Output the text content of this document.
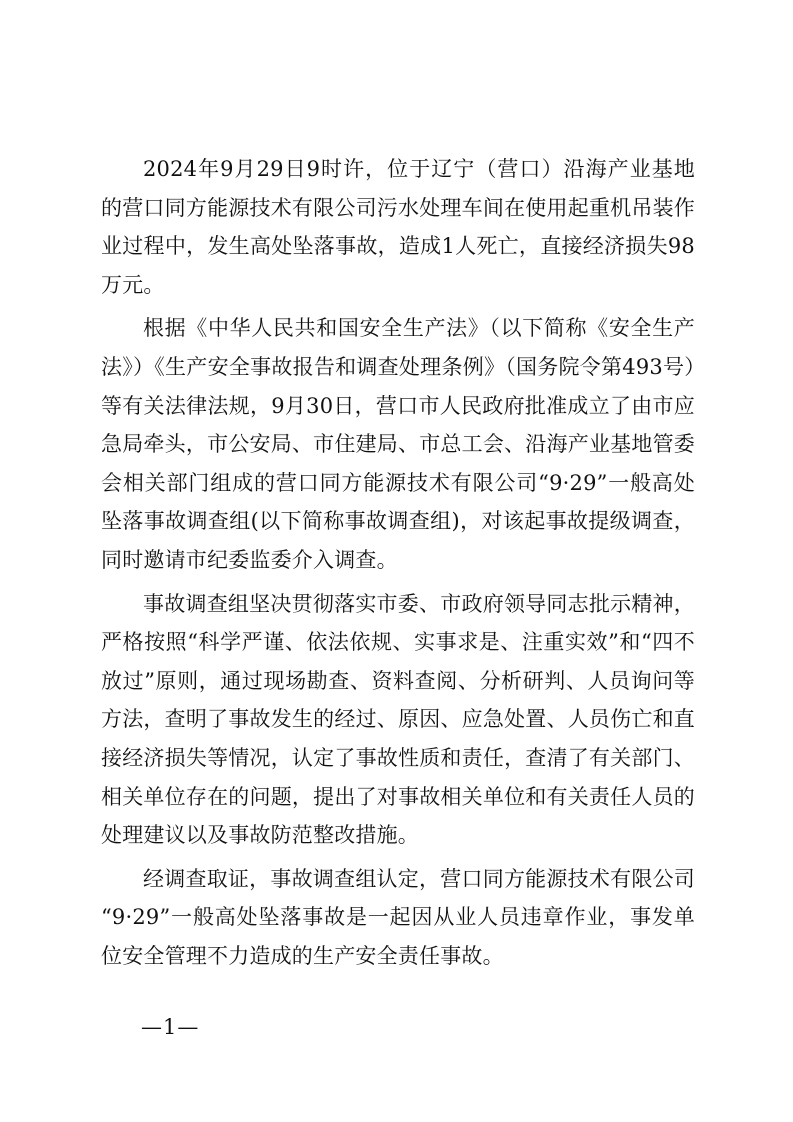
2024年9月29日9时许，位于辽宁（营口）沿海产业基地的营口同方能源技术有限公司污水处理车间在使用起重机吊装作业过程中，发生高处坠落事故，造成1人死亡，直接经济损失98万元。

根据《中华人民共和国安全生产法》（以下简称《安全生产法》）《生产安全事故报告和调查处理条例》（国务院令第493号）等有关法律法规，9月30日，营口市人民政府批准成立了由市应急局牵头，市公安局、市住建局、市总工会、沿海产业基地管委会相关部门组成的营口同方能源技术有限公司“9·29”一般高处坠落事故调查组(以下简称事故调查组)，对该起事故提级调查，同时邀请市纪委监委介入调查。

事故调查组坚决贯彻落实市委、市政府领导同志批示精神，严格按照“科学严谨、依法依规、实事求是、注重实效”和“四不放过”原则，通过现场勘查、资料查阅、分析研判、人员询问等方法，查明了事故发生的经过、原因、应急处置、人员伤亡和直接经济损失等情况，认定了事故性质和责任，查清了有关部门、相关单位存在的问题，提出了对事故相关单位和有关责任人员的处理建议以及事故防范整改措施。

经调查取证，事故调查组认定，营口同方能源技术有限公司“9·29”一般高处坠落事故是一起因从业人员违章作业，事发单位安全管理不力造成的生产安全责任事故。

—1—
